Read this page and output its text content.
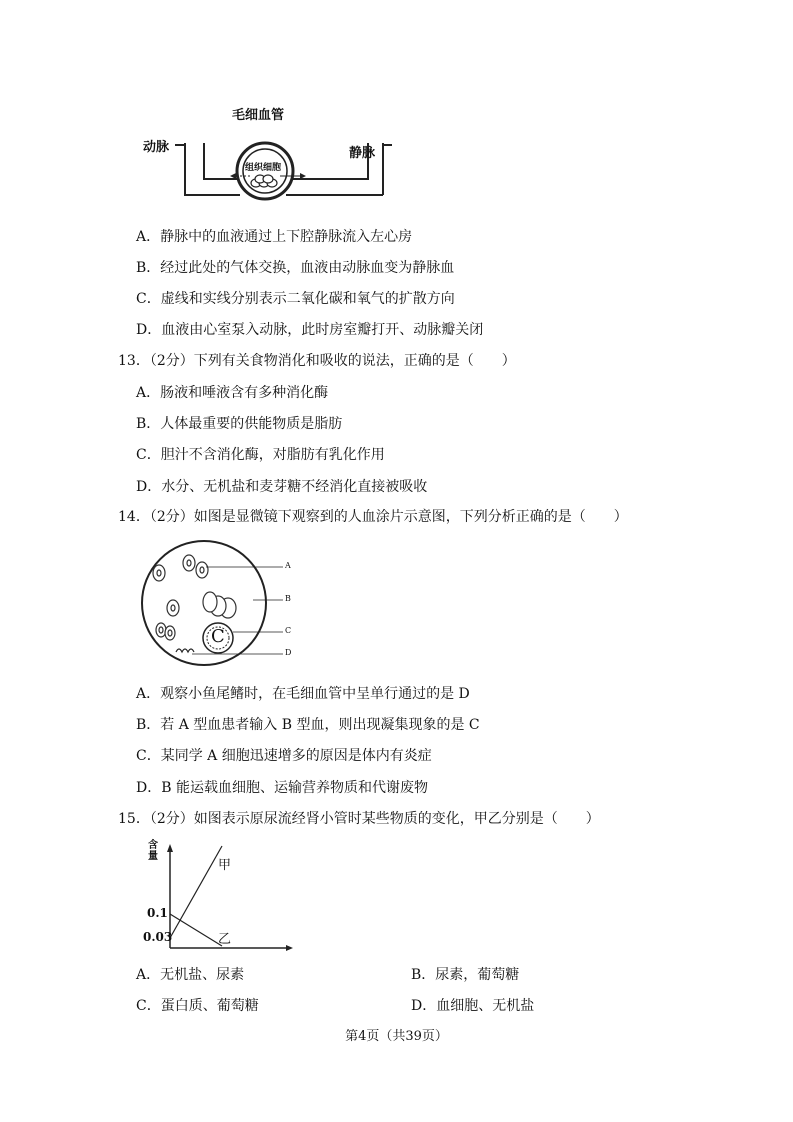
毛细血管
动脉	静脉
组织细胞
A．静脉中的血液通过上下腔静脉流入左心房
B．经过此处的气体交换，血液由动脉血变为静脉血
C．虚线和实线分别表示二氧化碳和氧气的扩散方向
D．血液由心室泵入动脉，此时房室瓣打开、动脉瓣关闭
13．（2分）下列有关食物消化和吸收的说法，正确的是（　　）
A．肠液和唾液含有多种消化酶
B．人体最重要的供能物质是脂肪
C．胆汁不含消化酶，对脂肪有乳化作用
D．水分、无机盐和麦芽糖不经消化直接被吸收
14．（2分）如图是显微镜下观察到的人血涂片示意图，下列分析正确的是（　　）
C
A
B
C
D
A．观察小鱼尾鳍时，在毛细血管中呈单行通过的是 D
B．若 A 型血患者输入 B 型血，则出现凝集现象的是 C
C．某同学 A 细胞迅速增多的原因是体内有炎症
D．B 能运载血细胞、运输营养物质和代谢废物
15．（2分）如图表示原尿流经肾小管时某些物质的变化，甲乙分别是（　　）
含量
0.1
0.03
甲
乙
A．无机盐、尿素	B．尿素，葡萄糖
C．蛋白质、葡萄糖	D．血细胞、无机盐
第4页（共39页）
